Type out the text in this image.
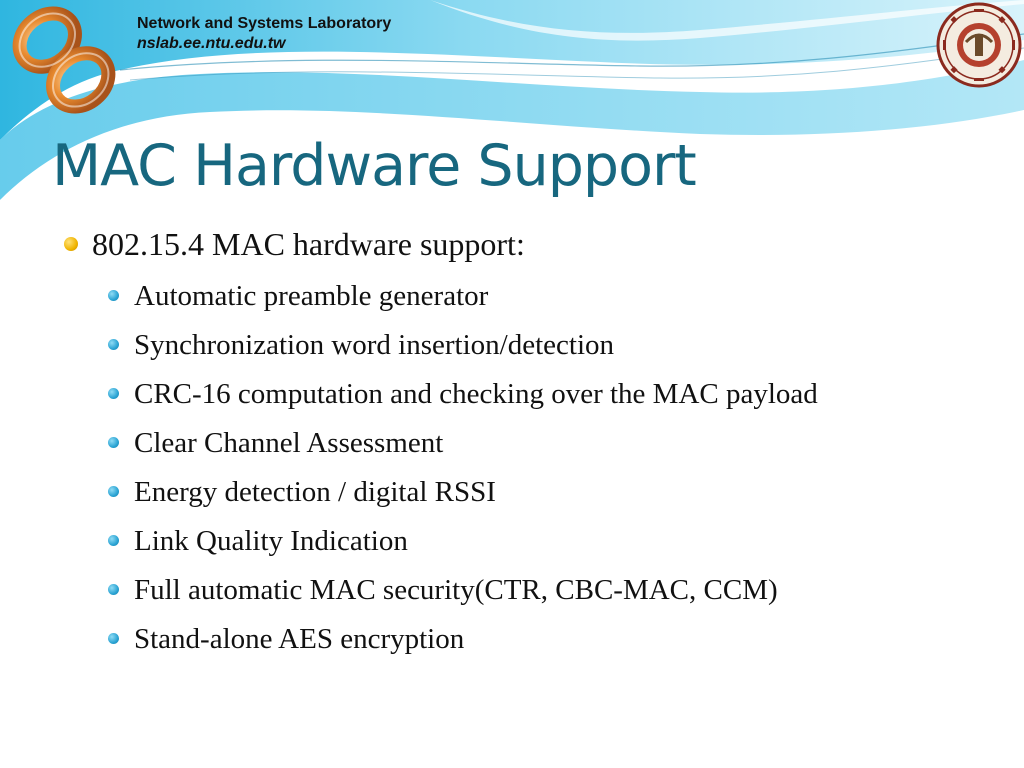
Network and Systems Laboratory
nslab.ee.ntu.edu.tw
MAC Hardware Support
802.15.4 MAC hardware support:
Automatic preamble generator
Synchronization word insertion/detection
CRC-16 computation and checking over the MAC payload
Clear Channel Assessment
Energy detection / digital RSSI
Link Quality Indication
Full automatic MAC security(CTR, CBC-MAC, CCM)
Stand-alone AES encryption
